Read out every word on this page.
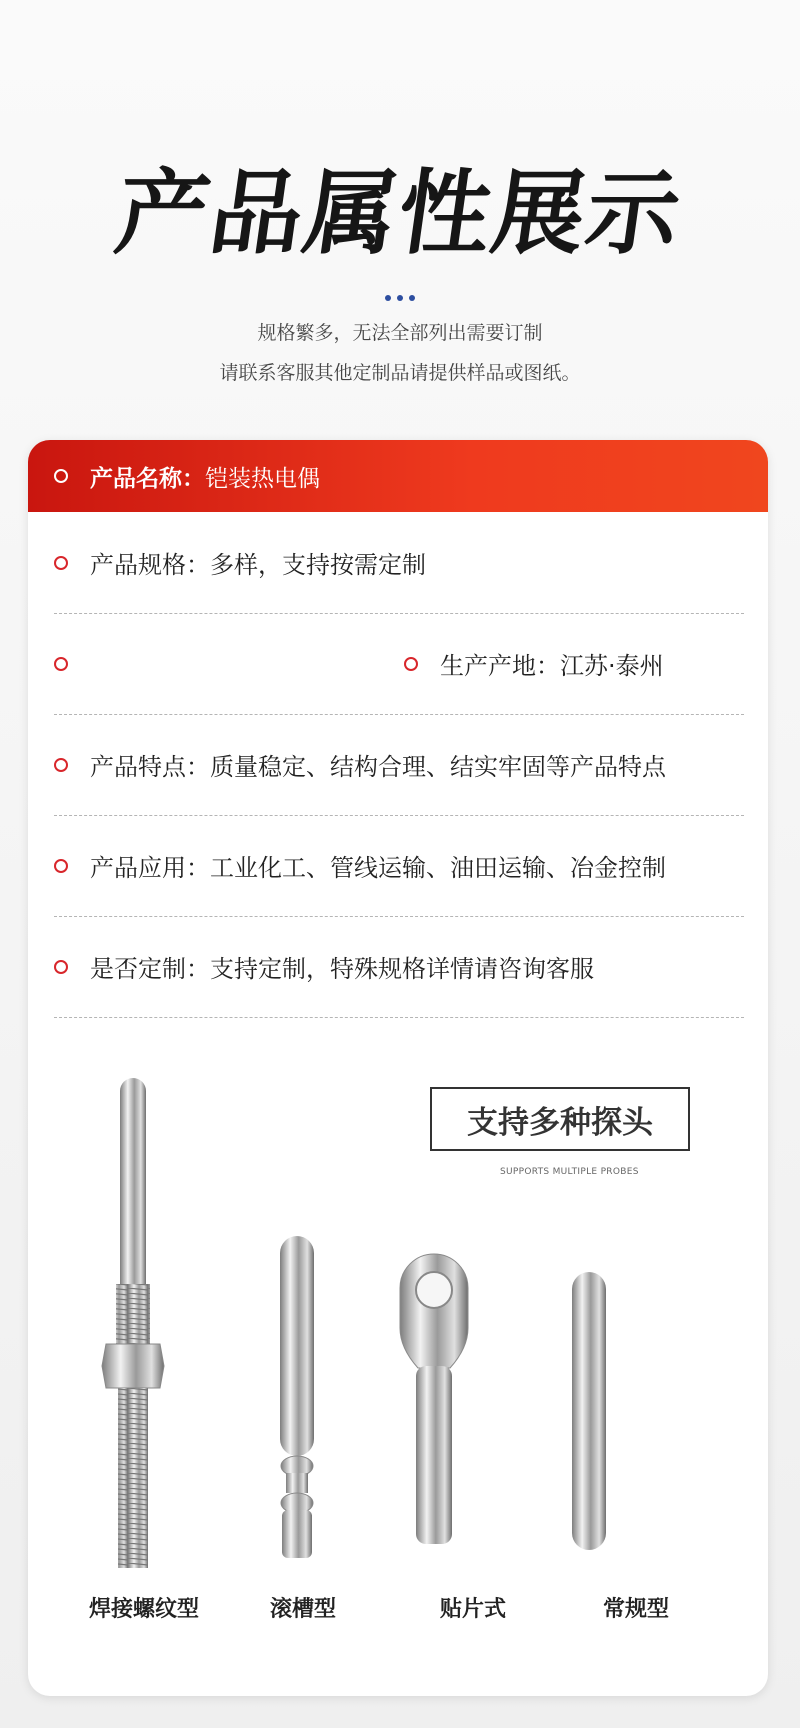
产品属性展示
规格繁多，无法全部列出需要订制
请联系客服其他定制品请提供样品或图纸。
产品名称： 铠装热电偶
产品规格：多样，支持按需定制
生产产地：江苏·泰州
产品特点：质量稳定、结构合理、结实牢固等产品特点
产品应用：工业化工、管线运输、油田运输、冶金控制
是否定制：支持定制，特殊规格详情请咨询客服
支持多种探头
SUPPORTS MULTIPLE PROBES
焊接螺纹型	滚槽型	贴片式	常规型
